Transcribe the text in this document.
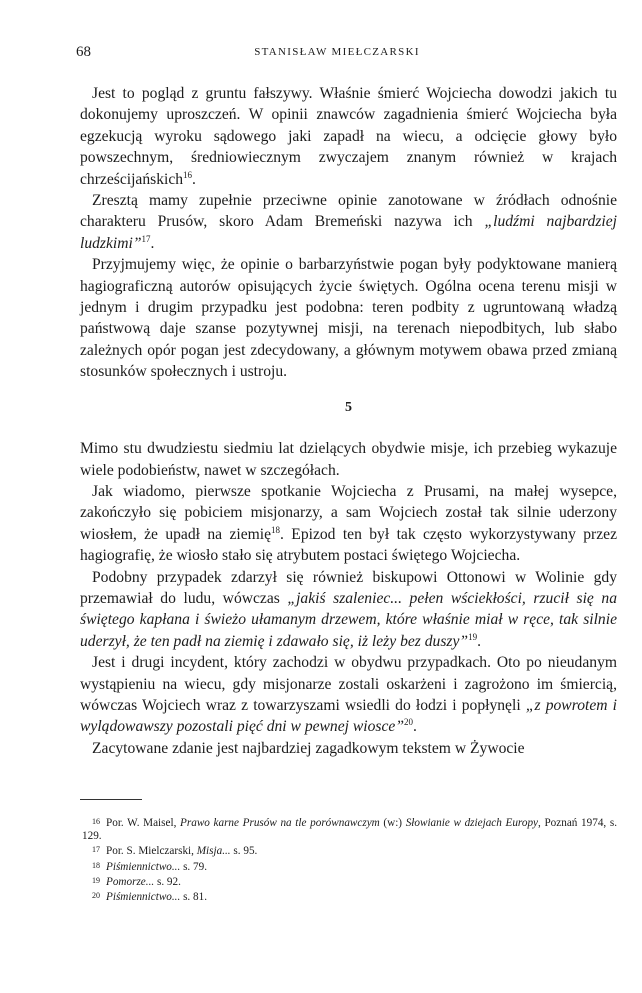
68	STANISŁAW MIEŁCZARSKI

Jest to pogląd z gruntu fałszywy. Właśnie śmierć Wojciecha dowodzi jakich tu dokonujemy uproszczeń. W opinii znawców zagadnienia śmierć Wojciecha była egzekucją wyroku sądowego jaki zapadł na wiecu, a odcięcie głowy było powszechnym, średniowiecznym zwyczajem znanym również w krajach chrześcijańskich$^{16}$.

Zresztą mamy zupełnie przeciwne opinie zanotowane w źródłach odnośnie charakteru Prusów, skoro Adam Bremeński nazywa ich „ludźmi najbardziej ludzkimi”$^{17}$.

Przyjmujemy więc, że opinie o barbarzyństwie pogan były podyktowane manierą hagiograficzną autorów opisujących życie świętych. Ogólna ocena terenu misji w jednym i drugim przypadku jest podobna: teren podbity z ugruntowaną władzą państwową daje szanse pozytywnej misji, na terenach niepodbitych, lub słabo zależnych opór pogan jest zdecydowany, a głównym motywem obawa przed zmianą stosunków społecznych i ustroju.

5

Mimo stu dwudziestu siedmiu lat dzielących obydwie misje, ich przebieg wykazuje wiele podobieństw, nawet w szczegółach.

Jak wiadomo, pierwsze spotkanie Wojciecha z Prusami, na małej wysepce, zakończyło się pobiciem misjonarzy, a sam Wojciech został tak silnie uderzony wiosłem, że upadł na ziemię$^{18}$. Epizod ten był tak często wykorzystywany przez hagiografię, że wiosło stało się atrybutem postaci świętego Wojciecha.

Podobny przypadek zdarzył się również biskupowi Ottonowi w Wolinie gdy przemawiał do ludu, wówczas „jakiś szaleniec... pełen wściekłości, rzucił się na świętego kapłana i świeżo ułamanym drzewem, które właśnie miał w ręce, tak silnie uderzył, że ten padł na ziemię i zdawało się, iż leży bez duszy”$^{19}$.

Jest i drugi incydent, który zachodzi w obydwu przypadkach. Oto po nieudanym wystąpieniu na wiecu, gdy misjonarze zostali oskarżeni i zagrożono im śmiercią, wówczas Wojciech wraz z towarzyszami wsiedli do łodzi i popłynęli „z powrotem i wylądowawszy pozostali pięć dni w pewnej wiosce”$^{20}$.

Zacytowane zdanie jest najbardziej zagadkowym tekstem w Żywocie

16 Por. W. Maisel, Prawo karne Prusów na tle porównawczym (w:) Słowianie w dziejach Europy, Poznań 1974, s. 129.

17 Por. S. Mielczarski, Misja... s. 95.

18 Piśmiennictwo... s. 79.

19 Pomorze... s. 92.

20 Piśmiennictwo... s. 81.
